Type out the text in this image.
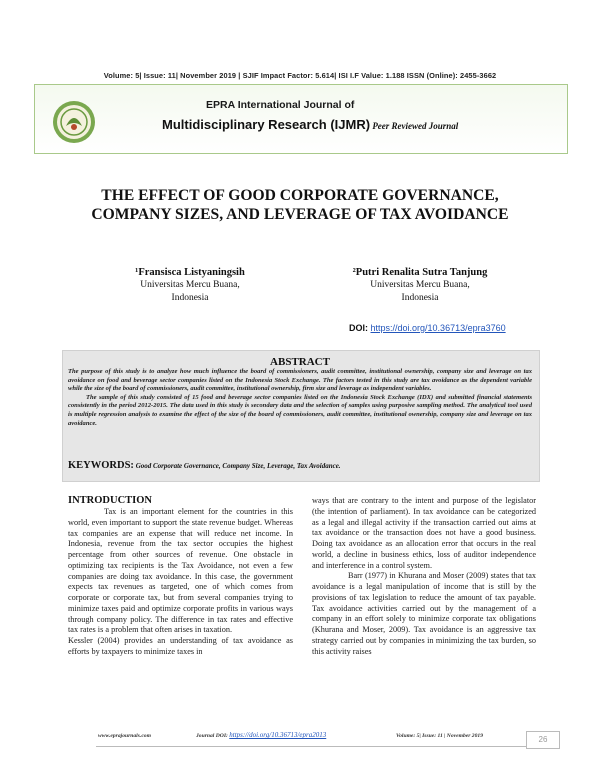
Volume: 5| Issue: 11| November 2019 | SJIF Impact Factor: 5.614| ISI I.F Value: 1.188 ISSN (Online): 2455-3662
EPRA International Journal of
Multidisciplinary Research (IJMR) Peer Reviewed Journal
THE EFFECT OF GOOD CORPORATE GOVERNANCE,
COMPANY SIZES, AND LEVERAGE OF TAX AVOIDANCE
¹Fransisca Listyaningsih
Universitas Mercu Buana,
Indonesia
²Putri Renalita Sutra Tanjung
Universitas Mercu Buana,
Indonesia
DOI: https://doi.org/10.36713/epra3760
ABSTRACT
The purpose of this study is to analyze how much influence the board of commissioners, audit committee, institutional ownership, company size and leverage on tax avoidance on food and beverage sector companies listed on the Indonesia Stock Exchange. The factors tested in this study are tax avoidance as the dependent variable while the size of the board of commissioners, audit committee, institutional ownership, firm size and leverage as independent variables.
The sample of this study consisted of 15 food and beverage sector companies listed on the Indonesia Stock Exchange (IDX) and submitted financial statements consistently in the period 2012-2015. The data used in this study is secondary data and the selection of samples using purposive sampling method. The analytical tool used is multiple regression analysis to examine the effect of the size of the board of commissioners, audit committee, institutional ownership, company size and leverage on tax avoidance.
KEYWORDS: Good Corporate Governance, Company Size, Leverage, Tax Avoidance.
INTRODUCTION

Tax is an important element for the countries in this world, even important to support the state revenue budget. Whereas tax companies are an expense that will reduce net income. In Indonesia, revenue from the tax sector occupies the highest percentage from other sources of revenue. One obstacle in optimizing tax recipients is the Tax Avoidance, not even a few companies are doing tax avoidance. In this case, the government expects tax revenues as targeted, one of which comes from corporate or corporate tax, but from several companies trying to minimize taxes paid and optimize corporate profits in various ways through company policy. The difference in tax rates and effective tax rates is a problem that often arises in taxation.

Kessler (2004) provides an understanding of tax avoidance as efforts by taxpayers to minimize taxes in

ways that are contrary to the intent and purpose of the legislator (the intention of parliament). In tax avoidance can be categorized as a legal and illegal activity if the transaction carried out aims at tax avoidance or the transaction does not have a good business. Doing tax avoidance as an allocation error that occurs in the real world, a decline in business ethics, loss of auditor independence and interference in a control system.

Barr (1977) in Khurana and Moser (2009) states that tax avoidance is a legal manipulation of income that is still by the provisions of tax legislation to reduce the amount of tax payable. Tax avoidance activities carried out by the management of a company in an effort solely to minimize corporate tax obligations (Khurana and Moser, 2009). Tax avoidance is an aggressive tax strategy carried out by companies in minimizing the tax burden, so this activity raises

www.eprajournals.com	Journal DOI: https://doi.org/10.36713/epra2013	Volume: 5| Issue: 11 | November 2019	26
